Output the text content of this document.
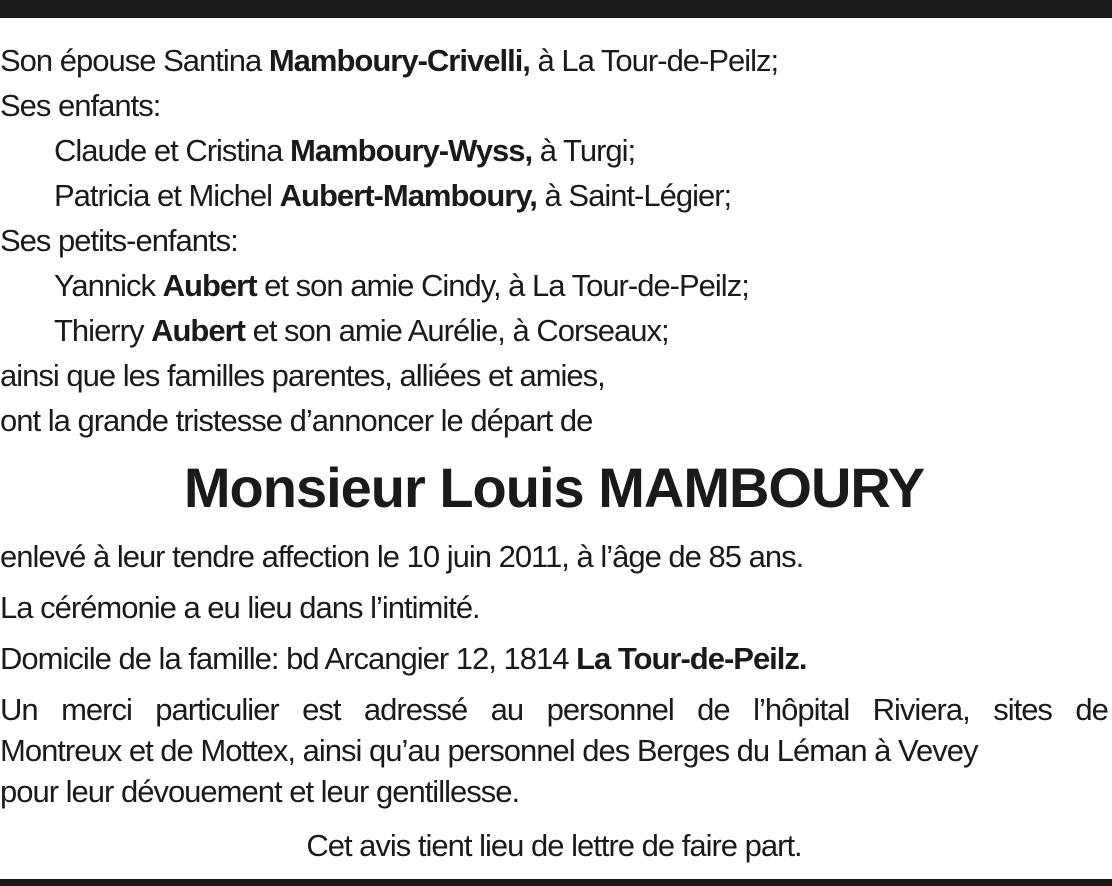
Son épouse Santina Mamboury-Crivelli, à La Tour-de-Peilz;
Ses enfants:
Claude et Cristina Mamboury-Wyss, à Turgi;
Patricia et Michel Aubert-Mamboury, à Saint-Légier;
Ses petits-enfants:
Yannick Aubert et son amie Cindy, à La Tour-de-Peilz;
Thierry Aubert et son amie Aurélie, à Corseaux;
ainsi que les familles parentes, alliées et amies,
ont la grande tristesse d’annoncer le départ de
Monsieur Louis MAMBOURY
enlevé à leur tendre affection le 10 juin 2011, à l’âge de 85 ans.
La cérémonie a eu lieu dans l’intimité.
Domicile de la famille: bd Arcangier 12, 1814 La Tour-de-Peilz.
Un merci particulier est adressé au personnel de l’hôpital Riviera, sites de
Montreux et de Mottex, ainsi qu’au personnel des Berges du Léman à Vevey
pour leur dévouement et leur gentillesse.
Cet avis tient lieu de lettre de faire part.
